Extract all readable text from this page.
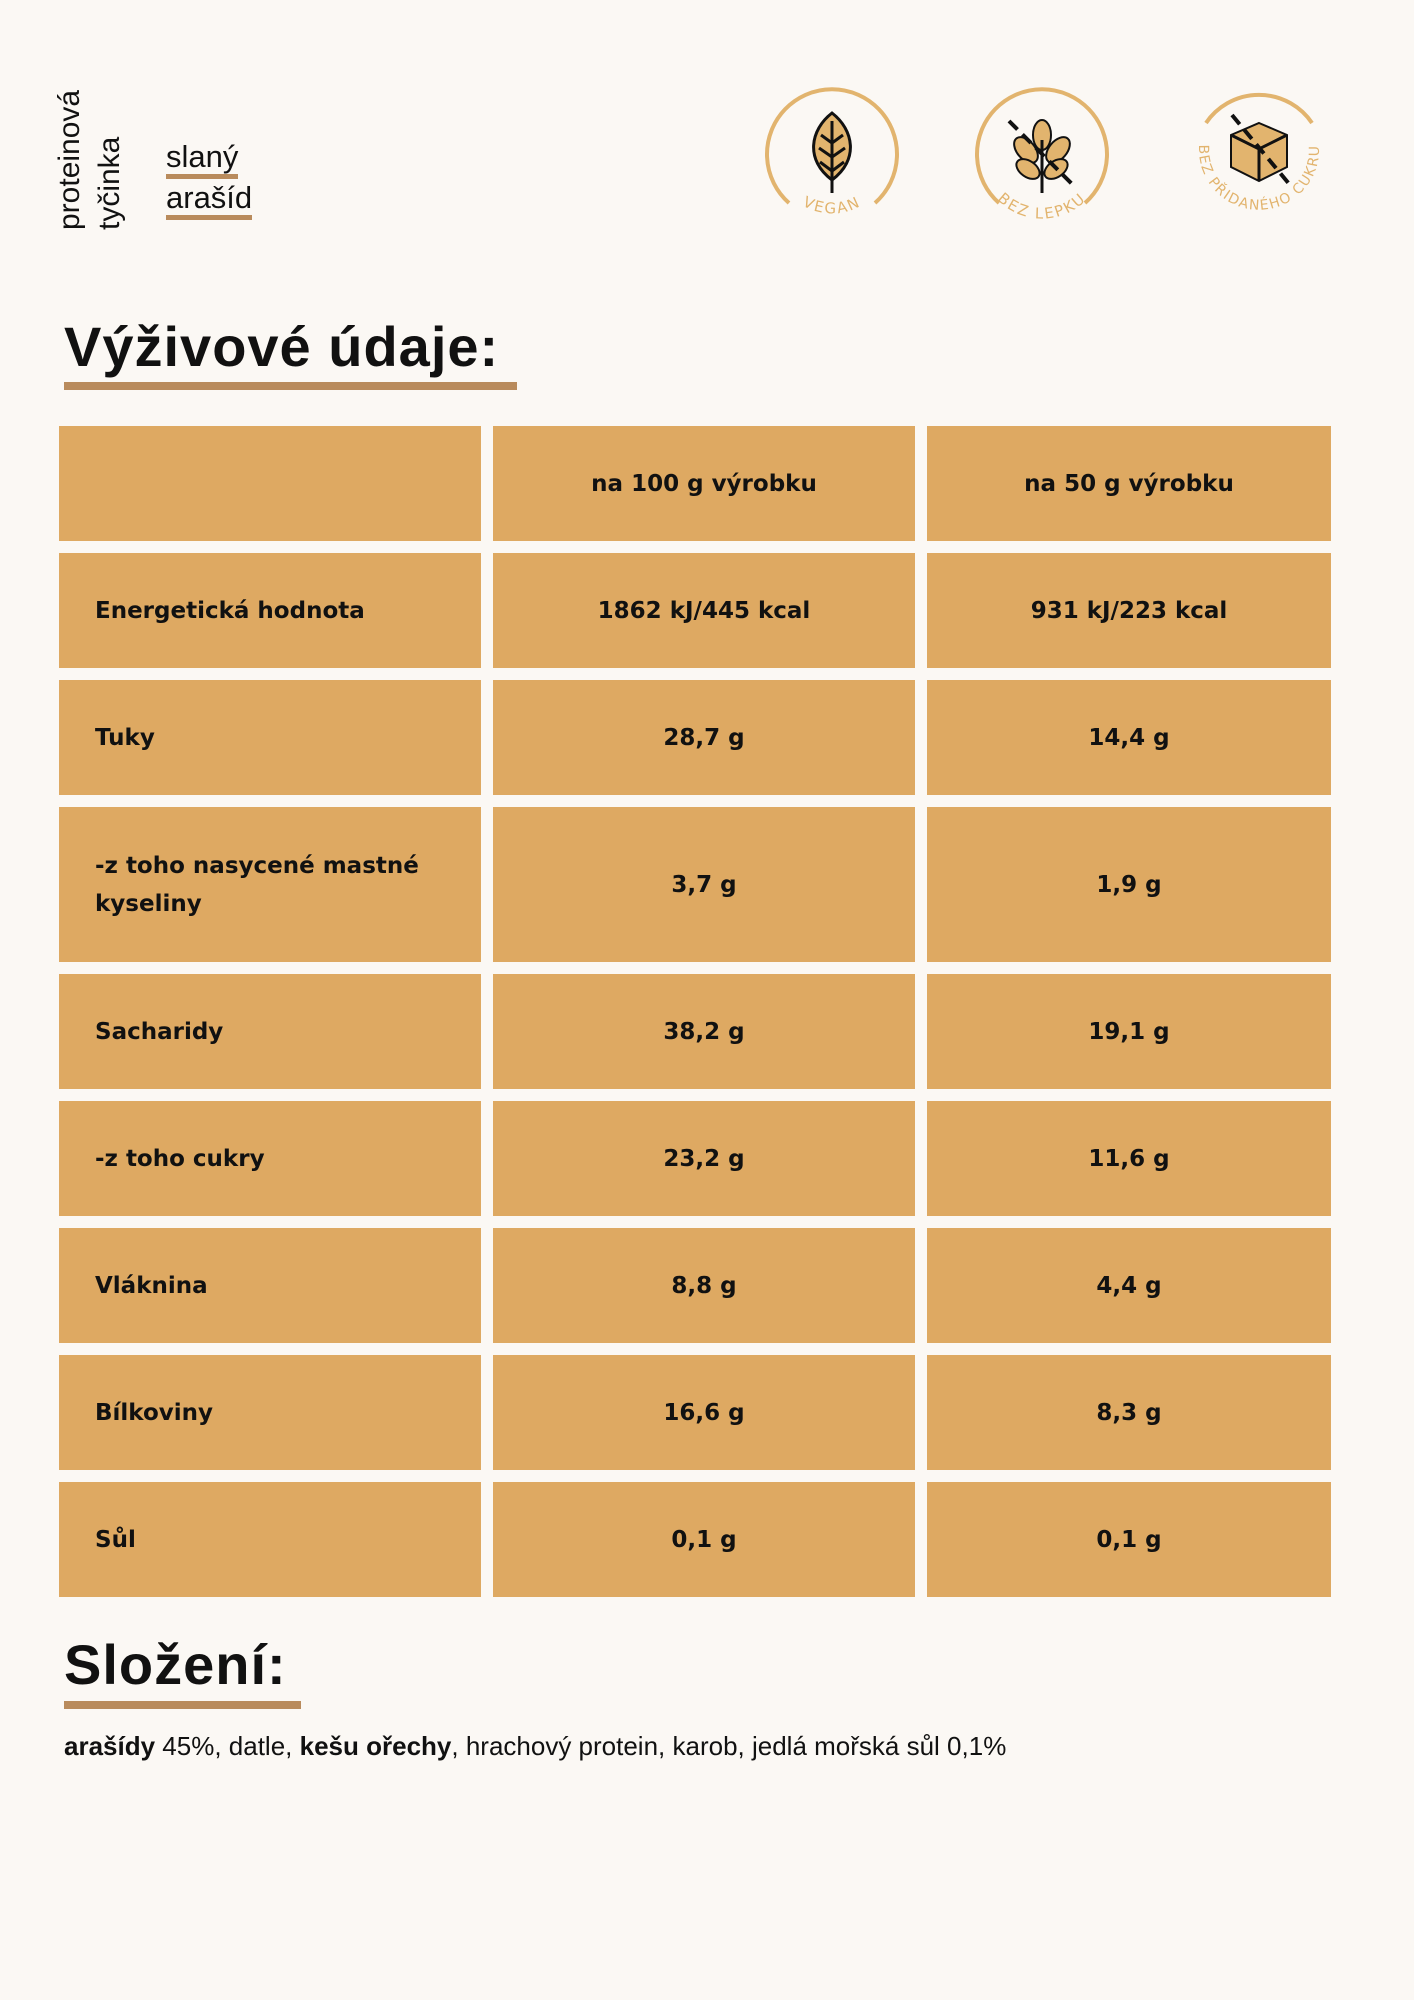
proteinová tyčinka slaný
arašíd	VEGAN	BEZ LEPKU
BEZ PŘIDANÉHO CUKRU
Výživové údaje:
	na 100 g výrobku	na 50 g výrobku
Energetická hodnota	1862 kJ/445 kcal	931 kJ/223 kcal
Tuky	28,7 g	14,4 g
-z toho nasycené mastné kyseliny	3,7 g	1,9 g
Sacharidy	38,2 g	19,1 g
-z toho cukry	23,2 g	11,6 g
Vláknina	8,8 g	4,4 g
Bílkoviny	16,6 g	8,3 g
Sůl	0,1 g	0,1 g
Složení:
arašídy 45%, datle, kešu ořechy, hrachový protein, karob, jedlá mořská sůl 0,1%
